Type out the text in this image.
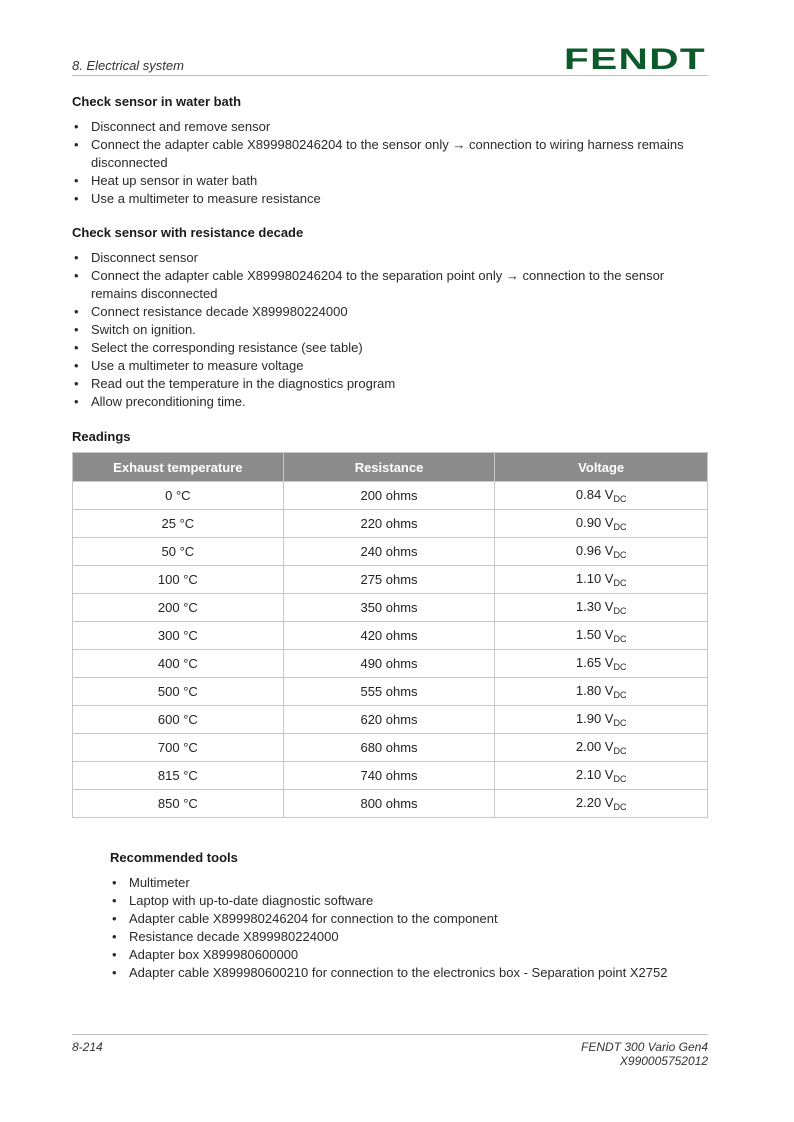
8. Electrical system	FENDT
Check sensor in water bath
• Disconnect and remove sensor
• Connect the adapter cable X899980246204 to the sensor only → connection to wiring harness remains disconnected
• Heat up sensor in water bath
• Use a multimeter to measure resistance
Check sensor with resistance decade
• Disconnect sensor
• Connect the adapter cable X899980246204 to the separation point only → connection to the sensor remains disconnected
• Connect resistance decade X899980224000
• Switch on ignition.
• Select the corresponding resistance (see table)
• Use a multimeter to measure voltage
• Read out the temperature in the diagnostics program
• Allow preconditioning time.
Readings
Exhaust temperature	Resistance	Voltage
0 °C	200 ohms	0.84 $V_{DC}$
25 °C	220 ohms	0.90 $V_{DC}$
50 °C	240 ohms	0.96 $V_{DC}$
100 °C	275 ohms	1.10 $V_{DC}$
200 °C	350 ohms	1.30 $V_{DC}$
300 °C	420 ohms	1.50 $V_{DC}$
400 °C	490 ohms	1.65 $V_{DC}$
500 °C	555 ohms	1.80 $V_{DC}$
600 °C	620 ohms	1.90 $V_{DC}$
700 °C	680 ohms	2.00 $V_{DC}$
815 °C	740 ohms	2.10 $V_{DC}$
850 °C	800 ohms	2.20 $V_{DC}$
Recommended tools
• Multimeter
• Laptop with up-to-date diagnostic software
• Adapter cable X899980246204 for connection to the component
• Resistance decade X899980224000
• Adapter box X899980600000
• Adapter cable X899980600210 for connection to the electronics box - Separation point X2752
8-214	FENDT 300 Vario Gen4
X990005752012
